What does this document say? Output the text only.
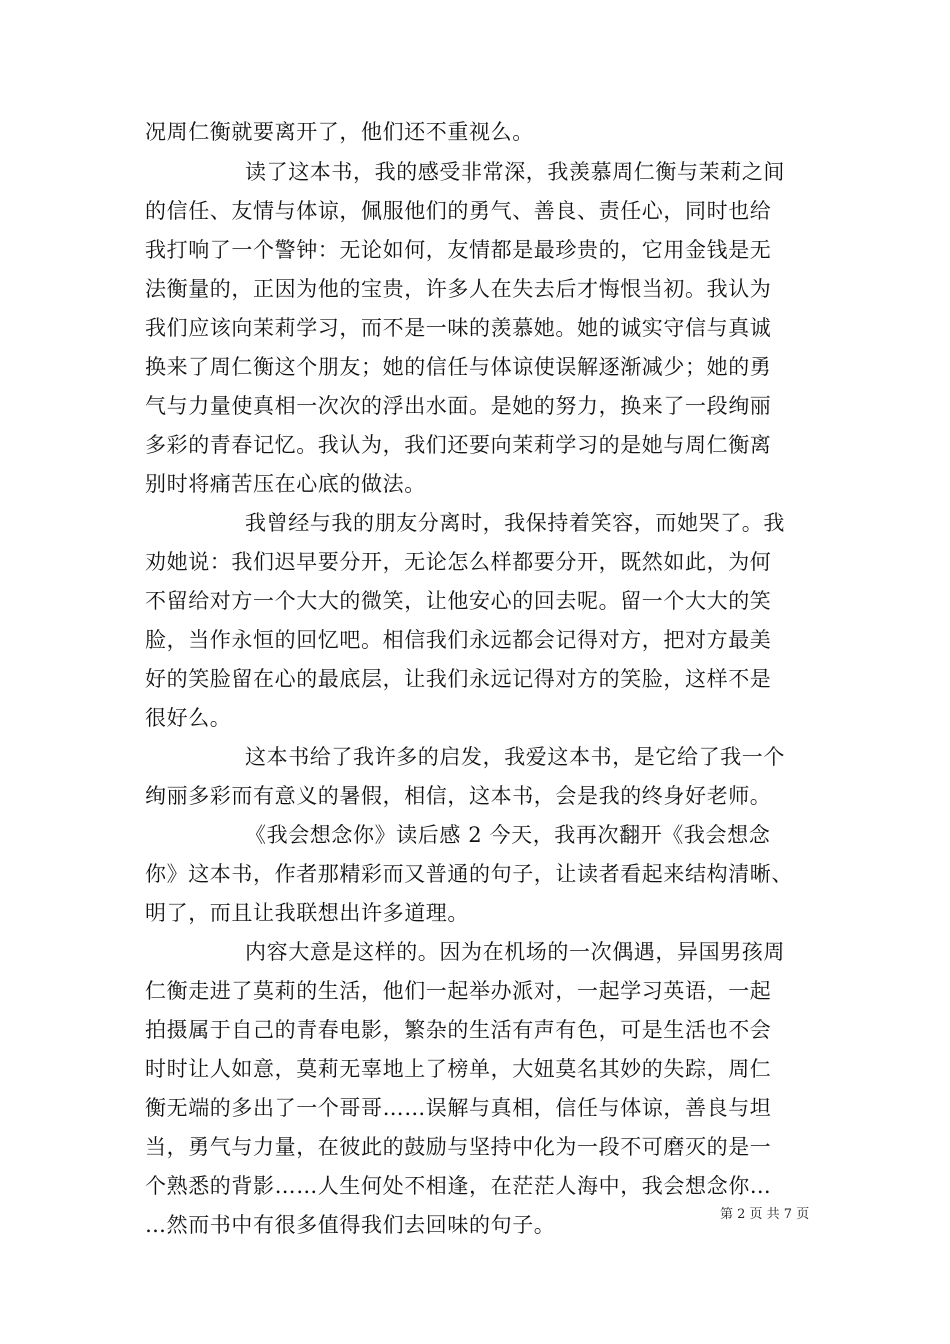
况周仁衡就要离开了，他们还不重视么。
读了这本书，我的感受非常深，我羡慕周仁衡与茉莉之间
的信任、友情与体谅，佩服他们的勇气、善良、责任心，同时也给
我打响了一个警钟：无论如何，友情都是最珍贵的，它用金钱是无
法衡量的，正因为他的宝贵，许多人在失去后才悔恨当初。我认为
我们应该向茉莉学习，而不是一味的羡慕她。她的诚实守信与真诚
换来了周仁衡这个朋友；她的信任与体谅使误解逐渐减少；她的勇
气与力量使真相一次次的浮出水面。是她的努力，换来了一段绚丽
多彩的青春记忆。我认为，我们还要向茉莉学习的是她与周仁衡离
别时将痛苦压在心底的做法。
我曾经与我的朋友分离时，我保持着笑容，而她哭了。我
劝她说：我们迟早要分开，无论怎么样都要分开，既然如此，为何
不留给对方一个大大的微笑，让他安心的回去呢。留一个大大的笑
脸，当作永恒的回忆吧。相信我们永远都会记得对方，把对方最美
好的笑脸留在心的最底层，让我们永远记得对方的笑脸，这样不是
很好么。
这本书给了我许多的启发，我爱这本书，是它给了我一个
绚丽多彩而有意义的暑假，相信，这本书，会是我的终身好老师。
《我会想念你》读后感 2 今天，我再次翻开《我会想念
你》这本书，作者那精彩而又普通的句子，让读者看起来结构清晰、
明了，而且让我联想出许多道理。
内容大意是这样的。因为在机场的一次偶遇，异国男孩周
仁衡走进了莫莉的生活，他们一起举办派对，一起学习英语，一起
拍摄属于自己的青春电影，繁杂的生活有声有色，可是生活也不会
时时让人如意，莫莉无辜地上了榜单，大妞莫名其妙的失踪，周仁
衡无端的多出了一个哥哥……误解与真相，信任与体谅，善良与坦
当，勇气与力量，在彼此的鼓励与坚持中化为一段不可磨灭的是一
个熟悉的背影……人生何处不相逢，在茫茫人海中，我会想念你…
…然而书中有很多值得我们去回味的句子。	第 2 页 共 7 页
